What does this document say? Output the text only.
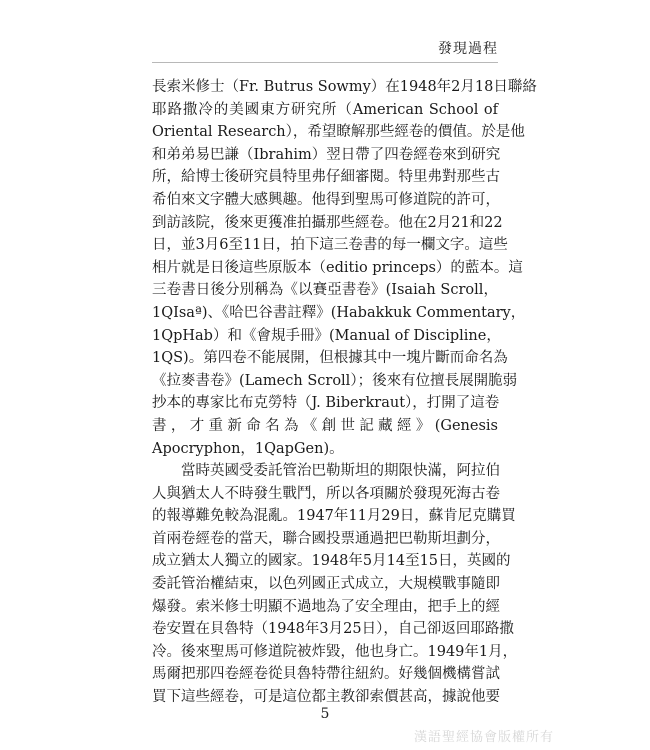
發現過程

長索米修士（Fr. Butrus Sowmy）在1948年2月18日聯絡
耶路撒冷的美國東方研究所（American School of
Oriental Research），希望瞭解那些經卷的價值。於是他
和弟弟易巴謙（Ibrahim）翌日帶了四卷經卷來到研究
所，給博士後研究員特里弗仔細審閱。特里弗對那些古
希伯來文字體大感興趣。他得到聖馬可修道院的許可，
到訪該院，後來更獲准拍攝那些經卷。他在2月21和22
日，並3月6至11日，拍下這三卷書的每一欄文字。這些
相片就是日後這些原版本（editio princeps）的藍本。這
三卷書日後分別稱為《以賽亞書卷》(Isaiah Scroll，
1QIsaª)、《哈巴谷書註釋》(Habakkuk Commentary，
1QpHab）和《會規手冊》(Manual of Discipline，
1QS)。第四卷不能展開，但根據其中一塊片斷而命名為
《拉麥書卷》(Lamech Scroll）；後來有位擅長展開脆弱
抄本的專家比布克勞特（J. Biberkraut），打開了這卷
書，才重新命名為《創世記藏經》(Genesis
Apocryphon，1QapGen)。

當時英國受委託管治巴勒斯坦的期限快滿，阿拉伯
人與猶太人不時發生戰鬥，所以各項關於發現死海古卷
的報導難免較為混亂。1947年11月29日，蘇肯尼克購買
首兩卷經卷的當天，聯合國投票通過把巴勒斯坦劃分，
成立猶太人獨立的國家。1948年5月14至15日，英國的
委託管治權結束，以色列國正式成立，大規模戰事隨即
爆發。索米修士明顯不過地為了安全理由，把手上的經
卷安置在貝魯特（1948年3月25日），自己卻返回耶路撒
冷。後來聖馬可修道院被炸毀，他也身亡。1949年1月，
馬爾把那四卷經卷從貝魯特帶往紐約。好幾個機構嘗試
買下這些經卷，可是這位都主教卻索價甚高，據說他要

5
漢語聖經協會版權所有
